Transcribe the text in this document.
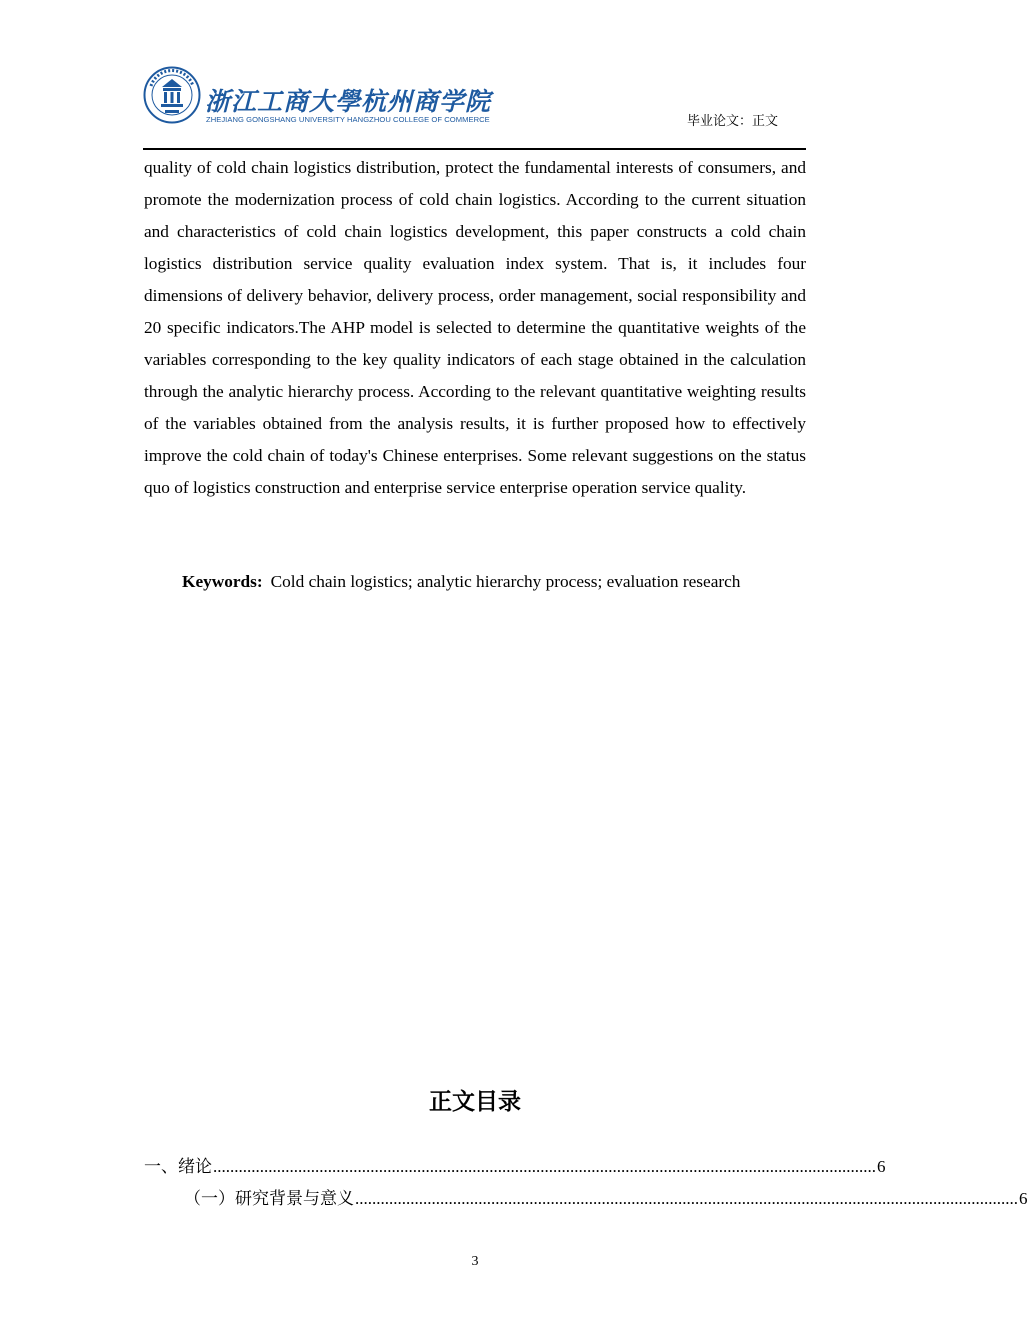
浙江工商大學杭州商学院
ZHEJIANG GONGSHANG UNIVERSITY HANGZHOU COLLEGE OF COMMERCE	毕业论文：正文

quality of cold chain logistics distribution, protect the fundamental interests of consumers, and promote the modernization process of cold chain logistics. According to the current situation and characteristics of cold chain logistics development, this paper constructs a cold chain logistics distribution service quality evaluation index system. That is, it includes four dimensions of delivery behavior, delivery process, order management, social responsibility and 20 specific indicators.The AHP model is selected to determine the quantitative weights of the variables corresponding to the key quality indicators of each stage obtained in the calculation through the analytic hierarchy process. According to the relevant quantitative weighting results of the variables obtained from the analysis results, it is further proposed how to effectively improve the cold chain of today's Chinese enterprises. Some relevant suggestions on the status quo of logistics construction and enterprise service enterprise operation service quality.

Keywords: Cold chain logistics; analytic hierarchy process; evaluation research
正文目录
一、绪论 ............................................................................................................................................................ 6
（一）研究背景与意义 ............................................................................................................................................................ 6
3
